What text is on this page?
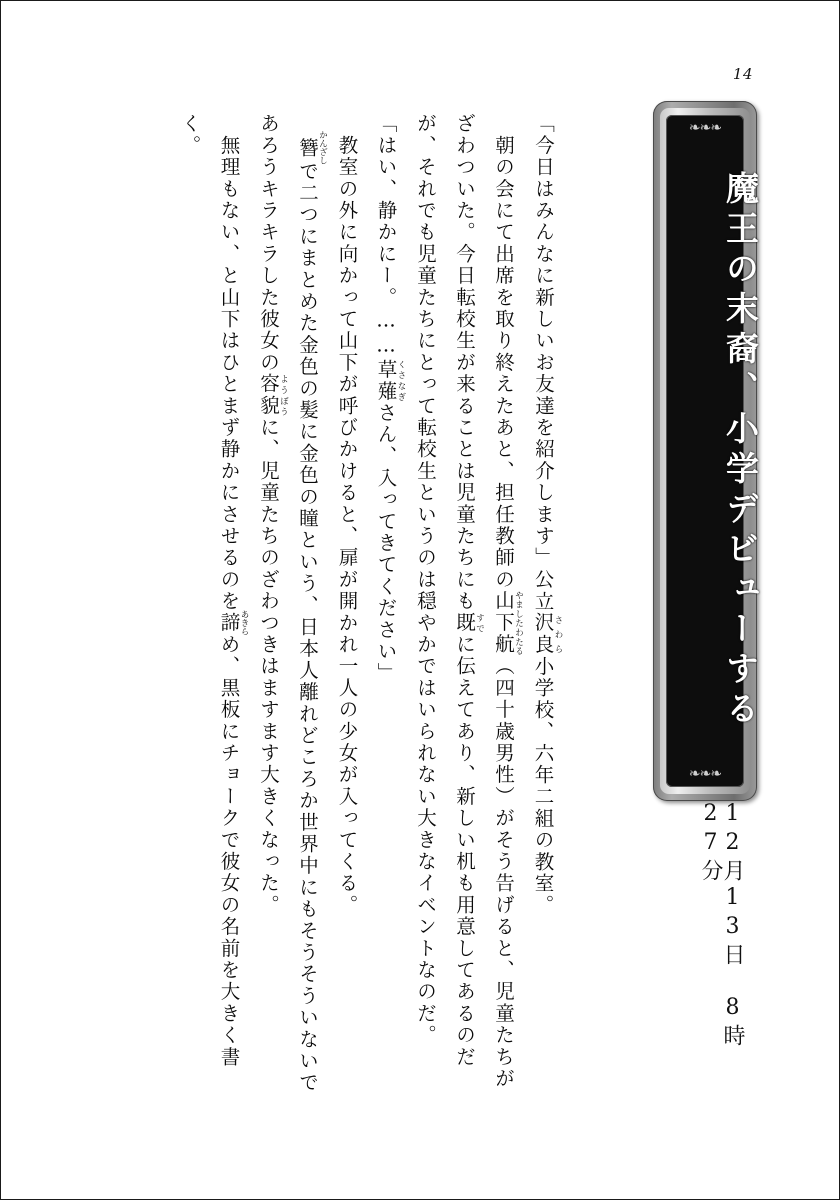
14
❧❧❧
❧❧❧
魔王の末裔、小学デビューする
12月13日　8時27分

「今日はみんなに新しいお友達を紹介します」

公立沢良さわら小学校、六年二組の教室。

　朝の会にて出席を取り終えたあと、担任教師の山下航やましたわたる（四十歳男性）がそう告げると、児童たちがざわついた。今日転校生が来ることは児童たちにも既すでに伝えてあり、新しい机も用意してあるのだが、それでも児童たちにとって転校生というのは穏やかではいられない大きなイベントなのだ。

「はい、静かにー。……草薙くさなぎさん、入ってきてください」

　教室の外に向かって山下が呼びかけると、扉が開かれ一人の少女が入ってくる。

　簪かんざしで二つにまとめた金色の髪に金色の瞳という、日本人離れどころか世界中にもそうそういないであろうキラキラした彼女の容貌ようぼうに、児童たちのざわつきはますます大きくなった。

　無理もない、と山下はひとまず静かにさせるのを諦あきらめ、黒板にチョークで彼女の名前を大きく書く。
